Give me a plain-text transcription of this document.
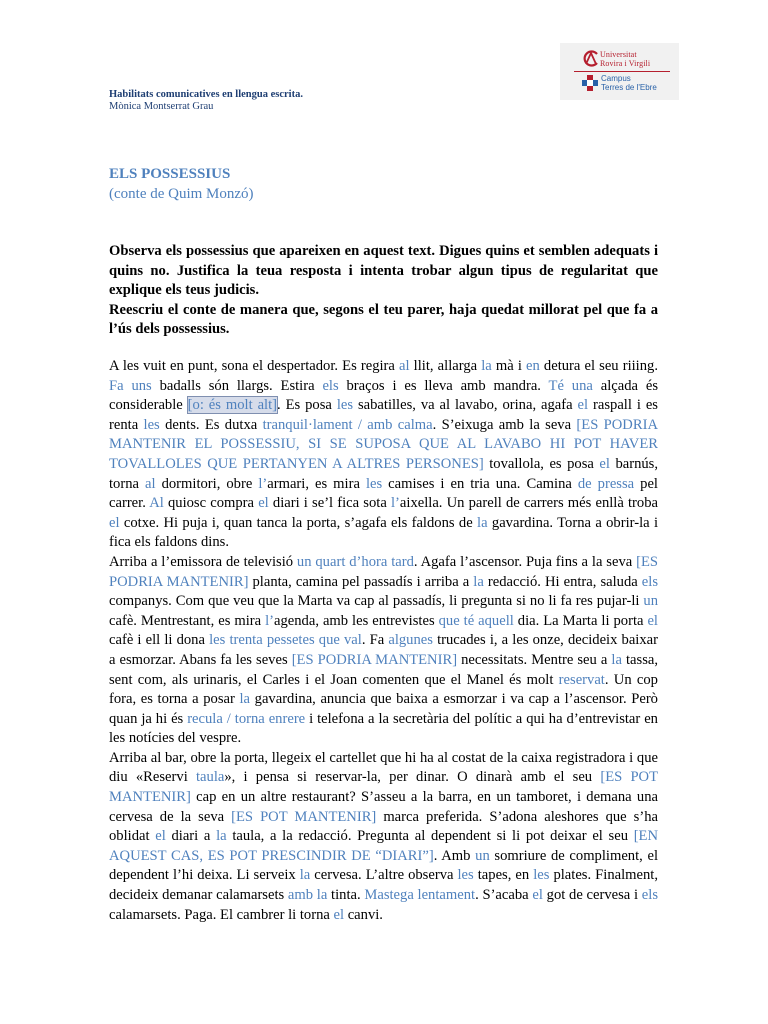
Habilitats comunicatives en llengua escrita.
Mònica Montserrat Grau
Universitat
Rovira i Virgili
Campus
Terres de l'Ebre
ELS POSSESSIUS
(conte de Quim Monzó)

Observa els possessius que apareixen en aquest text. Digues quins et semblen adequats i quins no. Justifica la teua resposta i intenta trobar algun tipus de regularitat que explique els teus judicis.

Reescriu el conte de manera que, segons el teu parer, haja quedat millorat pel que fa a l’ús dels possessius.

A les vuit en punt, sona el despertador. Es regira al llit, allarga la mà i en detura el seu riiing. Fa uns badalls són llargs. Estira els braços i es lleva amb mandra. Té una alçada és considerable [o: és molt alt]. Es posa les sabatilles, va al lavabo, orina, agafa el raspall i es renta les dents. Es dutxa tranquil·lament / amb calma. S’eixuga amb la seva [ES PODRIA MANTENIR EL POSSESSIU, SI SE SUPOSA QUE AL LAVABO HI POT HAVER TOVALLOLES QUE PERTANYEN A ALTRES PERSONES] tovallola, es posa el barnús, torna al dormitori, obre l’armari, es mira les camises i en tria una. Camina de pressa pel carrer. Al quiosc compra el diari i se’l fica sota l’aixella. Un parell de carrers més enllà troba el cotxe. Hi puja i, quan tanca la porta, s’agafa els faldons de la gavardina. Torna a obrir-la i fica els faldons dins.

Arriba a l’emissora de televisió un quart d’hora tard. Agafa l’ascensor. Puja fins a la seva [ES PODRIA MANTENIR] planta, camina pel passadís i arriba a la redacció. Hi entra, saluda els companys. Com que veu que la Marta va cap al passadís, li pregunta si no li fa res pujar-li un cafè. Mentrestant, es mira l’agenda, amb les entrevistes que té aquell dia. La Marta li porta el cafè i ell li dona les trenta pessetes que val. Fa algunes trucades i, a les onze, decideix baixar a esmorzar. Abans fa les seves [ES PODRIA MANTENIR] necessitats. Mentre seu a la tassa, sent com, als urinaris, el Carles i el Joan comenten que el Manel és molt reservat. Un cop fora, es torna a posar la gavardina, anuncia que baixa a esmorzar i va cap a l’ascensor. Però quan ja hi és recula / torna enrere i telefona a la secretària del polític a qui ha d’entrevistar en les notícies del vespre.

Arriba al bar, obre la porta, llegeix el cartellet que hi ha al costat de la caixa registradora i que diu «Reservi taula», i pensa si reservar-la, per dinar. O dinarà amb el seu [ES POT MANTENIR] cap en un altre restaurant? S’asseu a la barra, en un tamboret, i demana una cervesa de la seva [ES POT MANTENIR] marca preferida. S’adona aleshores que s’ha oblidat el diari a la taula, a la redacció. Pregunta al dependent si li pot deixar el seu [EN AQUEST CAS, ES POT PRESCINDIR DE “DIARI”]. Amb un somriure de compliment, el dependent l’hi deixa. Li serveix la cervesa. L’altre observa les tapes, en les plates. Finalment, decideix demanar calamarsets amb la tinta. Mastega lentament. S’acaba el got de cervesa i els calamarsets. Paga. El cambrer li torna el canvi.
